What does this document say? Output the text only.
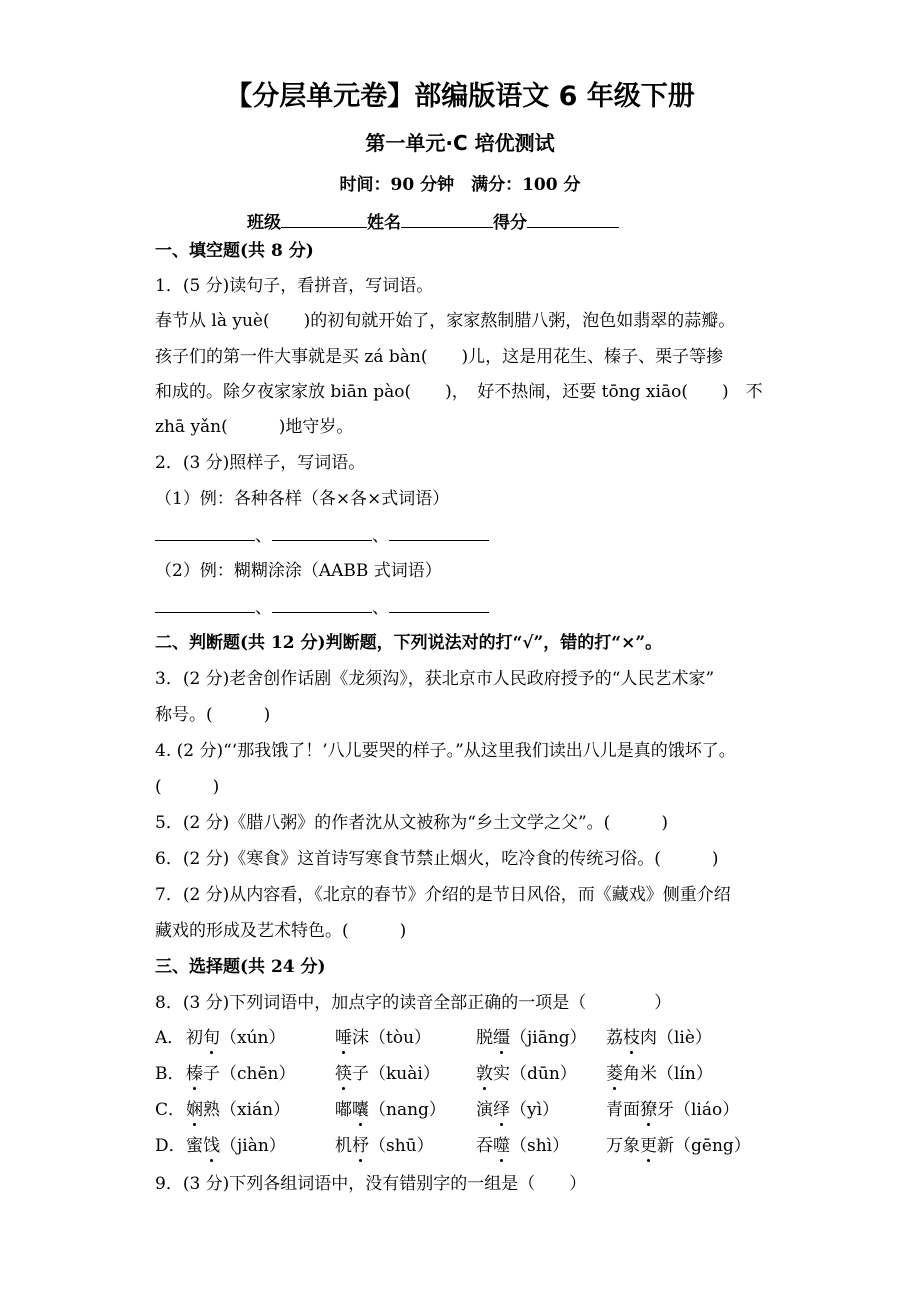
【分层单元卷】部编版语文 6 年级下册
第一单元·C 培优测试
时间：90 分钟　满分：100 分
班级	姓名	得分
一、填空题(共 8 分)
1．(5 分)读句子，看拼音，写词语。
春节从 là yuè(　　)的初旬就开始了，家家熬制腊八粥，泡色如翡翠的蒜瓣。
孩子们的第一件大事就是买 zá bàn(　　)儿，这是用花生、榛子、栗子等掺
和成的。除夕夜家家放 biān pào(　　)，　好不热闹，还要 tōng xiāo(　　)　不
zhā yǎn(　　　)地守岁。
2．(3 分)照样子，写词语。
（1）例：各种各样（各×各×式词语）
、	、
（2）例：糊糊涂涂（AABB 式词语）
、	、
二、判断题(共 12 分)判断题，下列说法对的打“√”，错的打“×”。
3．(2 分)老舍创作话剧《龙须沟》，获北京市人民政府授予的“人民艺术家”
称号。(　　　)
4. (2 分)“‘那我饿了！’八儿要哭的样子。”从这里我们读出八儿是真的饿坏了。
(　　　)
5．(2 分)《腊八粥》的作者沈从文被称为“乡土文学之父”。(　　　)
6．(2 分)《寒食》这首诗写寒食节禁止烟火，吃冷食的传统习俗。(　　　)
7．(2 分)从内容看，《北京的春节》介绍的是节日风俗，而《藏戏》侧重介绍
藏戏的形成及艺术特色。(　　　)
三、选择题(共 24 分)
8．(3 分)下列词语中，加点字的读音全部正确的一项是（　　　　）
A． 初旬（xún）	唾沫（tòu）	脱缰（jiāng） 荔枝肉（liè）
B． 榛子（chēn） 筷子（kuài） 敦实（dūn） 菱角米（lín）
C． 娴熟（xián）	嘟囔（nang） 演绎（yì）	青面獠牙（liáo）
D． 蜜饯（jiàn）	机杼（shū） 吞噬（shì） 万象更新（gēng）
9．(3 分)下列各组词语中，没有错别字的一组是（　　）
